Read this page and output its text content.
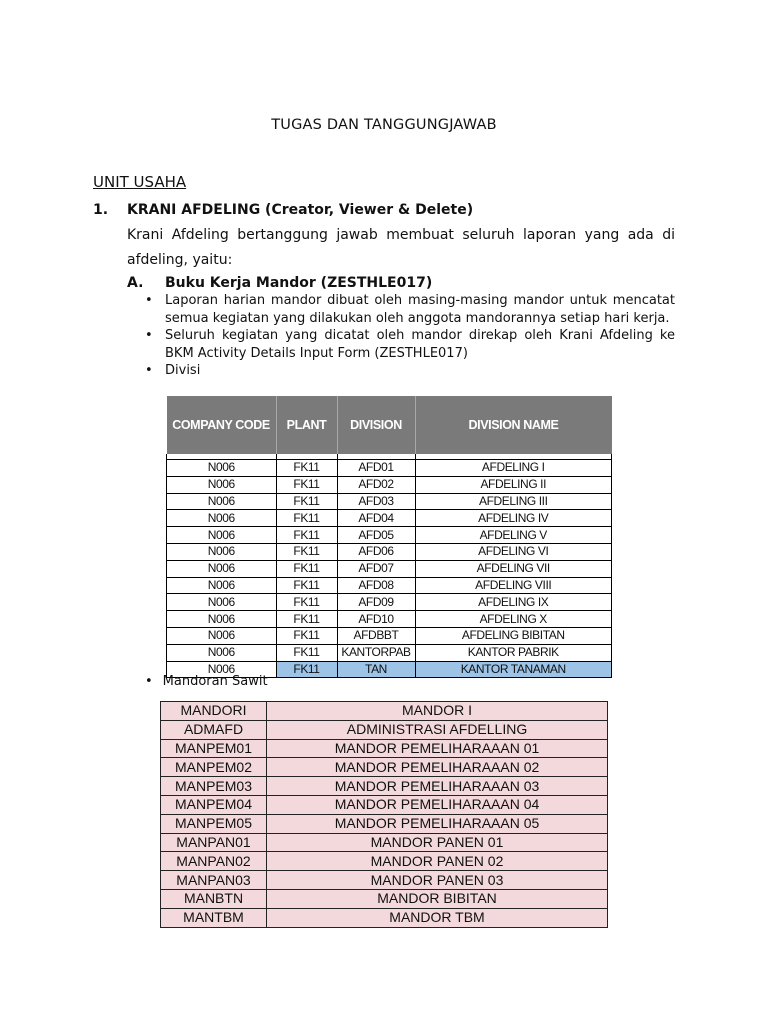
TUGAS DAN TANGGUNGJAWAB
UNIT USAHA
1. KRANI AFDELING (Creator, Viewer & Delete)
Krani Afdeling bertanggung jawab membuat seluruh laporan yang ada di afdeling, yaitu:
A. Buku Kerja Mandor (ZESTHLE017)
• Laporan harian mandor dibuat oleh masing-masing mandor untuk mencatat semua kegiatan yang dilakukan oleh anggota mandorannya setiap hari kerja.
• Seluruh kegiatan yang dicatat oleh mandor direkap oleh Krani Afdeling ke BKM Activity Details Input Form (ZESTHLE017)
• Divisi
COMPANY CODE	PLANT	DIVISION	DIVISION NAME

N006	FK11	AFD01	AFDELING I
N006	FK11	AFD02	AFDELING II
N006	FK11	AFD03	AFDELING III
N006	FK11	AFD04	AFDELING IV
N006	FK11	AFD05	AFDELING V
N006	FK11	AFD06	AFDELING VI
N006	FK11	AFD07	AFDELING VII
N006	FK11	AFD08	AFDELING VIII
N006	FK11	AFD09	AFDELING IX
N006	FK11	AFD10	AFDELING X
N006	FK11	AFDBBT	AFDELING BIBITAN
N006	FK11	KANTORPAB	KANTOR PABRIK
N006	FK11	TAN	KANTOR TANAMAN
• Mandoran Sawit
MANDORI	MANDOR I
ADMAFD	ADMINISTRASI AFDELLING
MANPEM01	MANDOR PEMELIHARAAAN 01
MANPEM02	MANDOR PEMELIHARAAAN 02
MANPEM03	MANDOR PEMELIHARAAAN 03
MANPEM04	MANDOR PEMELIHARAAAN 04
MANPEM05	MANDOR PEMELIHARAAAN 05
MANPAN01	MANDOR PANEN 01
MANPAN02	MANDOR PANEN 02
MANPAN03	MANDOR PANEN 03
MANBTN	MANDOR BIBITAN
MANTBM	MANDOR TBM
